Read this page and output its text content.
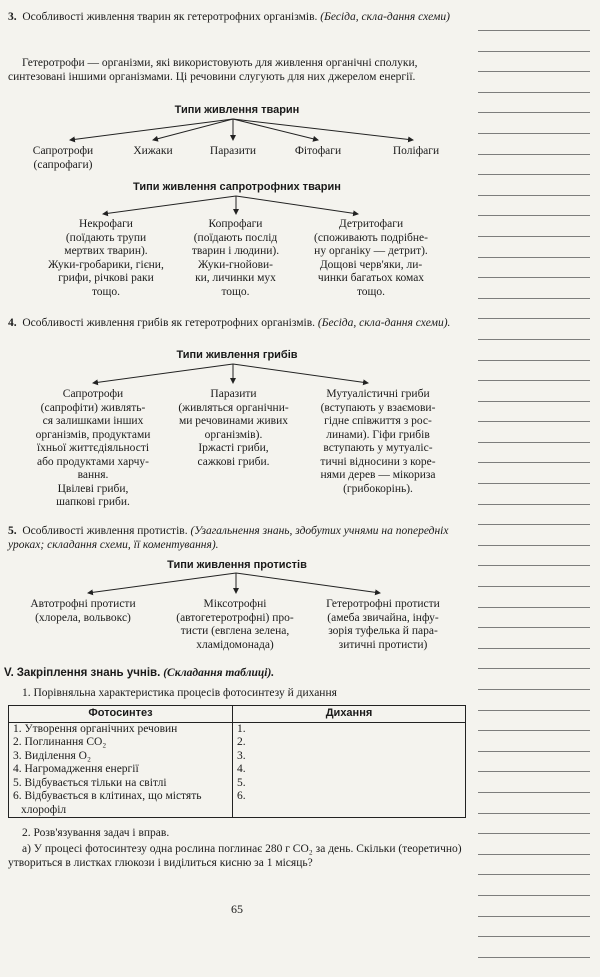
3. Особливості живлення тварин як гетеротрофних організмів. (Бесіда, скла-дання схеми)
Гетеротрофи — організми, які використовують для живлення органічні сполуки, синтезовані іншими організмами. Ці речовини слугують для них джерелом енергії.
Типи живлення тварин
Сапротрофи
(сапрофаги)
Хижаки	Паразити	Фітофаги	Поліфаги
Типи живлення сапротрофних тварин
Некрофаги
(поїдають трупи
мертвих тварин).
Жуки-гробарики, гієни,
грифи, річкові раки
тощо.
Копрофаги
(поїдають послід
тварин і людини).
Жуки-гнойови-
ки, личинки мух
тощо.
Детритофаги
(споживають подрібне-
ну органіку — детрит).
Дощові черв'яки, ли-
чинки багатьох комах
тощо.
4. Особливості живлення грибів як гетеротрофних організмів. (Бесіда, скла-дання схеми).
Типи живлення грибів
Сапротрофи
(сапрофіти) живлять-
ся залишками інших
організмів, продуктами
їхньої життєдіяльності
або продуктами харчу-
вання.
Цвілеві гриби,
шапкові гриби.
Паразити
(живляться органічни-
ми речовинами живих
організмів).
Іржасті гриби,
сажкові гриби.
Мутуалістичні гриби
(вступають у взаємови-
гідне співжиття з рос-
линами). Гіфи грибів
вступають у мутуаліс-
тичні відносини з коре-
нями дерев — мікориза
(грибокорінь).
5. Особливості живлення протистів. (Узагальнення знань, здобутих учнями на попередніх уроках; складання схеми, її коментування).
Типи живлення протистів
Автотрофні протисти
(хлорела, вольвокс)
Міксотрофні
(автогетеротрофні) про-
тисти (евглена зелена,
хламідомонада)
Гетеротрофні протисти
(амеба звичайна, інфу-
зорія туфелька й пара-
зитичні протисти)
V. Закріплення знань учнів. (Складання таблиці).
1. Порівняльна характеристика процесів фотосинтезу й дихання
Фотосинтез	Дихання
1. Утворення органічних речовин	1.
2. Поглинання CO₂	2.
3. Виділення O₂	3.
4. Нагромадження енергії	4.
5. Відбувається тільки на світлі	5.
6. Відбувається в клітинах, що містять	6.
хлорофіл	
2. Розв'язування задач і вправ.
а) У процесі фотосинтезу одна рослина поглинає 280 г CO₂ за день. Скільки (теоретично) утвориться в листках глюкози і виділиться кисню за 1 місяць?
65
